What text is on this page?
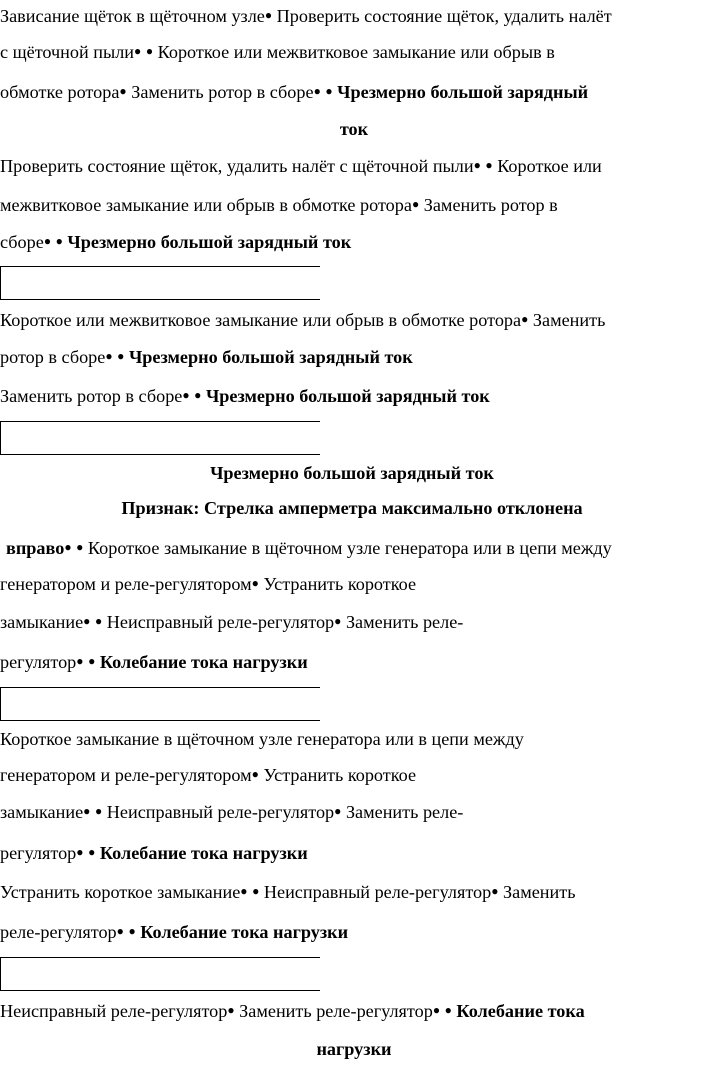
Зависание щёток в щёточном узле● Проверить состояние щёток, удалить налёт
с щёточной пыли● ● Короткое или межвитковое замыкание или обрыв в
обмотке ротора● Заменить ротор в сборе● ● Чрезмерно большой зарядный
ток
Проверить состояние щёток, удалить налёт с щёточной пыли● ● Короткое или
межвитковое замыкание или обрыв в обмотке ротора● Заменить ротор в
сборе● ● Чрезмерно большой зарядный ток
Короткое или межвитковое замыкание или обрыв в обмотке ротора● Заменить
ротор в сборе● ● Чрезмерно большой зарядный ток
Заменить ротор в сборе● ● Чрезмерно большой зарядный ток
Чрезмерно большой зарядный ток
Признак: Стрелка амперметра максимально отклонена
вправо● ● Короткое замыкание в щёточном узле генератора или в цепи между
генератором и реле-регулятором● Устранить короткое
замыкание● ● Неисправный реле-регулятор● Заменить реле-
регулятор● ● Колебание тока нагрузки
Короткое замыкание в щёточном узле генератора или в цепи между
генератором и реле-регулятором● Устранить короткое
замыкание● ● Неисправный реле-регулятор● Заменить реле-
регулятор● ● Колебание тока нагрузки
Устранить короткое замыкание● ● Неисправный реле-регулятор● Заменить
реле-регулятор● ● Колебание тока нагрузки
Неисправный реле-регулятор● Заменить реле-регулятор● ● Колебание тока
нагрузки
